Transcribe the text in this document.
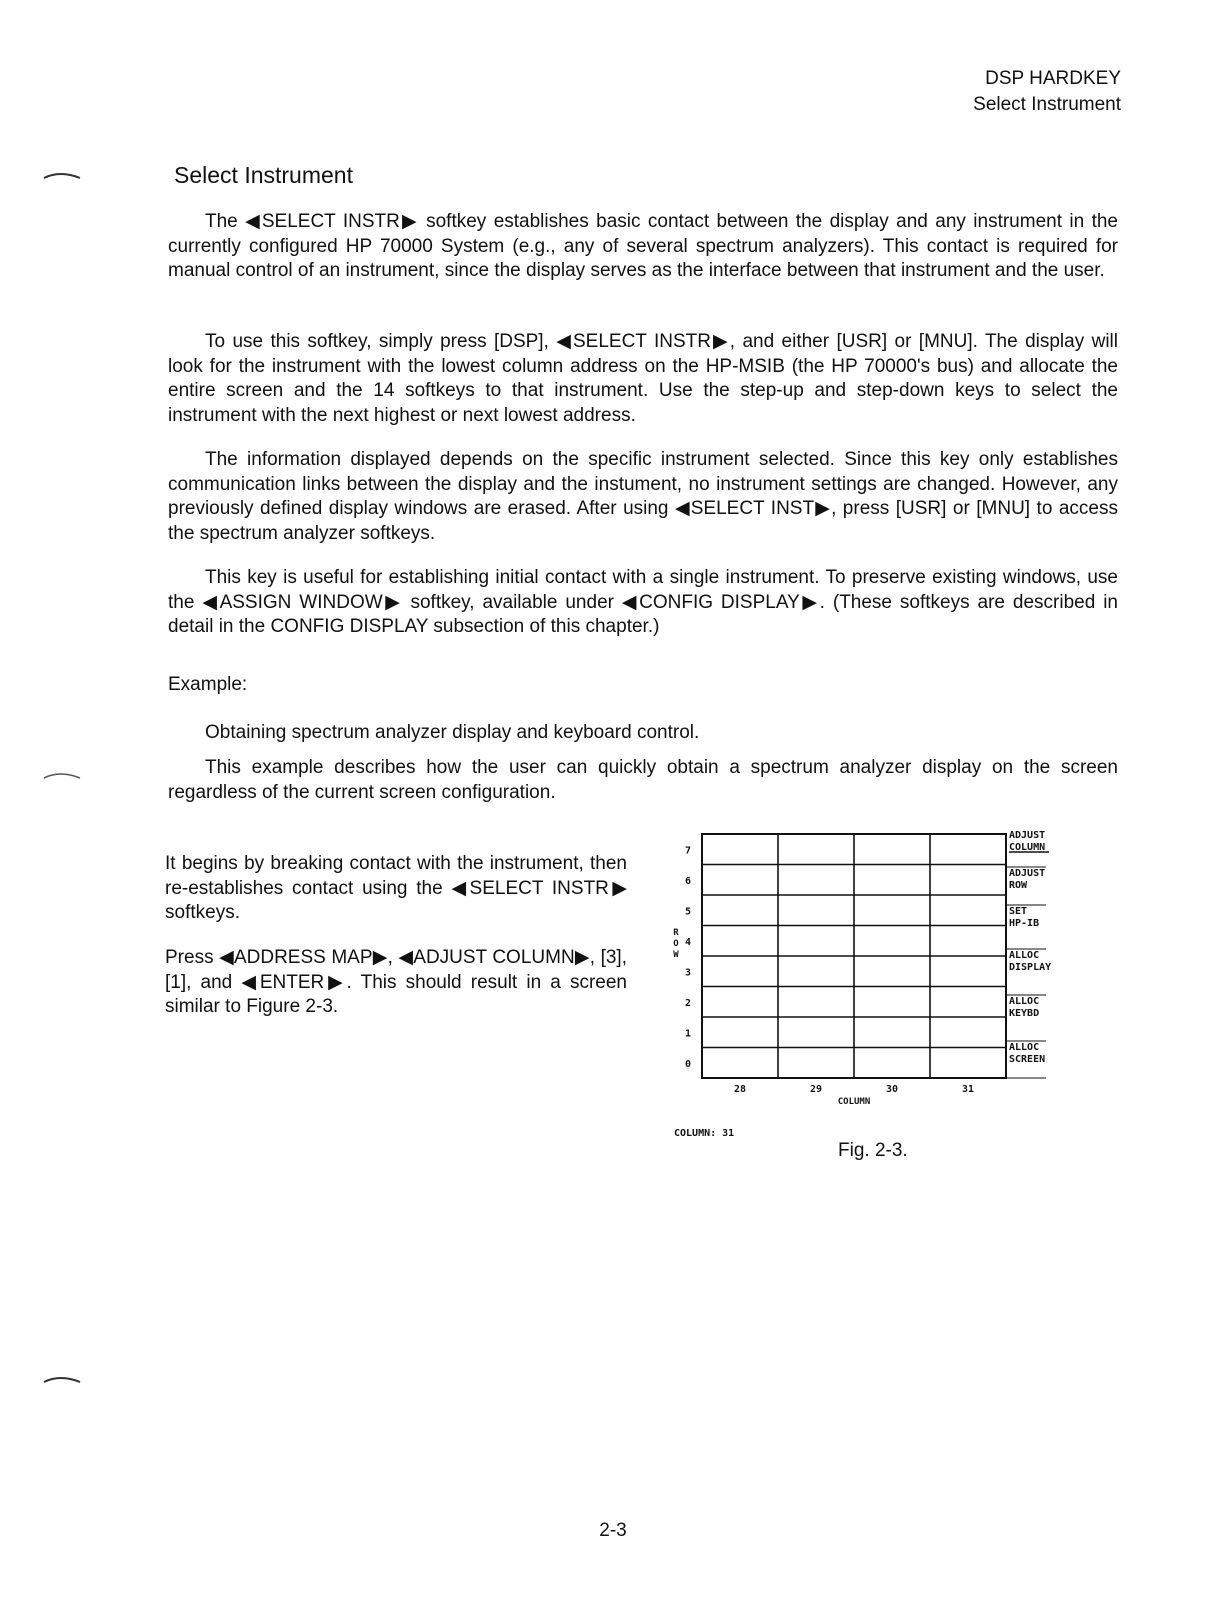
DSP HARDKEY
Select Instrument
Select Instrument

The ◀SELECT INSTR▶ softkey establishes basic contact between the display and any instrument in the currently configured HP 70000 System (e.g., any of several spectrum analyzers). This contact is required for manual control of an instrument, since the display serves as the interface between that instrument and the user.

To use this softkey, simply press [DSP], ◀SELECT INSTR▶, and either [USR] or [MNU]. The display will look for the instrument with the lowest column address on the HP-MSIB (the HP 70000's bus) and allocate the entire screen and the 14 softkeys to that instrument. Use the step-up and step-down keys to select the instrument with the next highest or next lowest address.

The information displayed depends on the specific instrument selected. Since this key only establishes communication links between the display and the instument, no instrument settings are changed. However, any previously defined display windows are erased. After using ◀SELECT INST▶, press [USR] or [MNU] to access the spectrum analyzer softkeys.

This key is useful for establishing initial contact with a single instrument. To preserve existing windows, use the ◀ASSIGN WINDOW▶ softkey, available under ◀CONFIG DISPLAY▶. (These softkeys are described in detail in the CONFIG DISPLAY subsection of this chapter.)

Example:

Obtaining spectrum analyzer display and keyboard control.

This example describes how the user can quickly obtain a spectrum analyzer display on the screen regardless of the current screen configuration.

It begins by breaking contact with the instrument, then re-establishes contact using the ◀SELECT INSTR▶ softkeys.

Press ◀ADDRESS MAP▶, ◀ADJUST COLUMN▶, [3], [1], and ◀ENTER▶. This should result in a screen similar to Figure 2-3.

7
6
5
4
3
2
1
0
R
O
W
28	29	30	31
COLUMN
ADJUST
COLUMN
ADJUST
ROW
SET
HP-IB
ALLOC
DISPLAY
ALLOC
KEYBD
ALLOC
SCREEN
COLUMN: 31

Fig. 2-3.

2-3
